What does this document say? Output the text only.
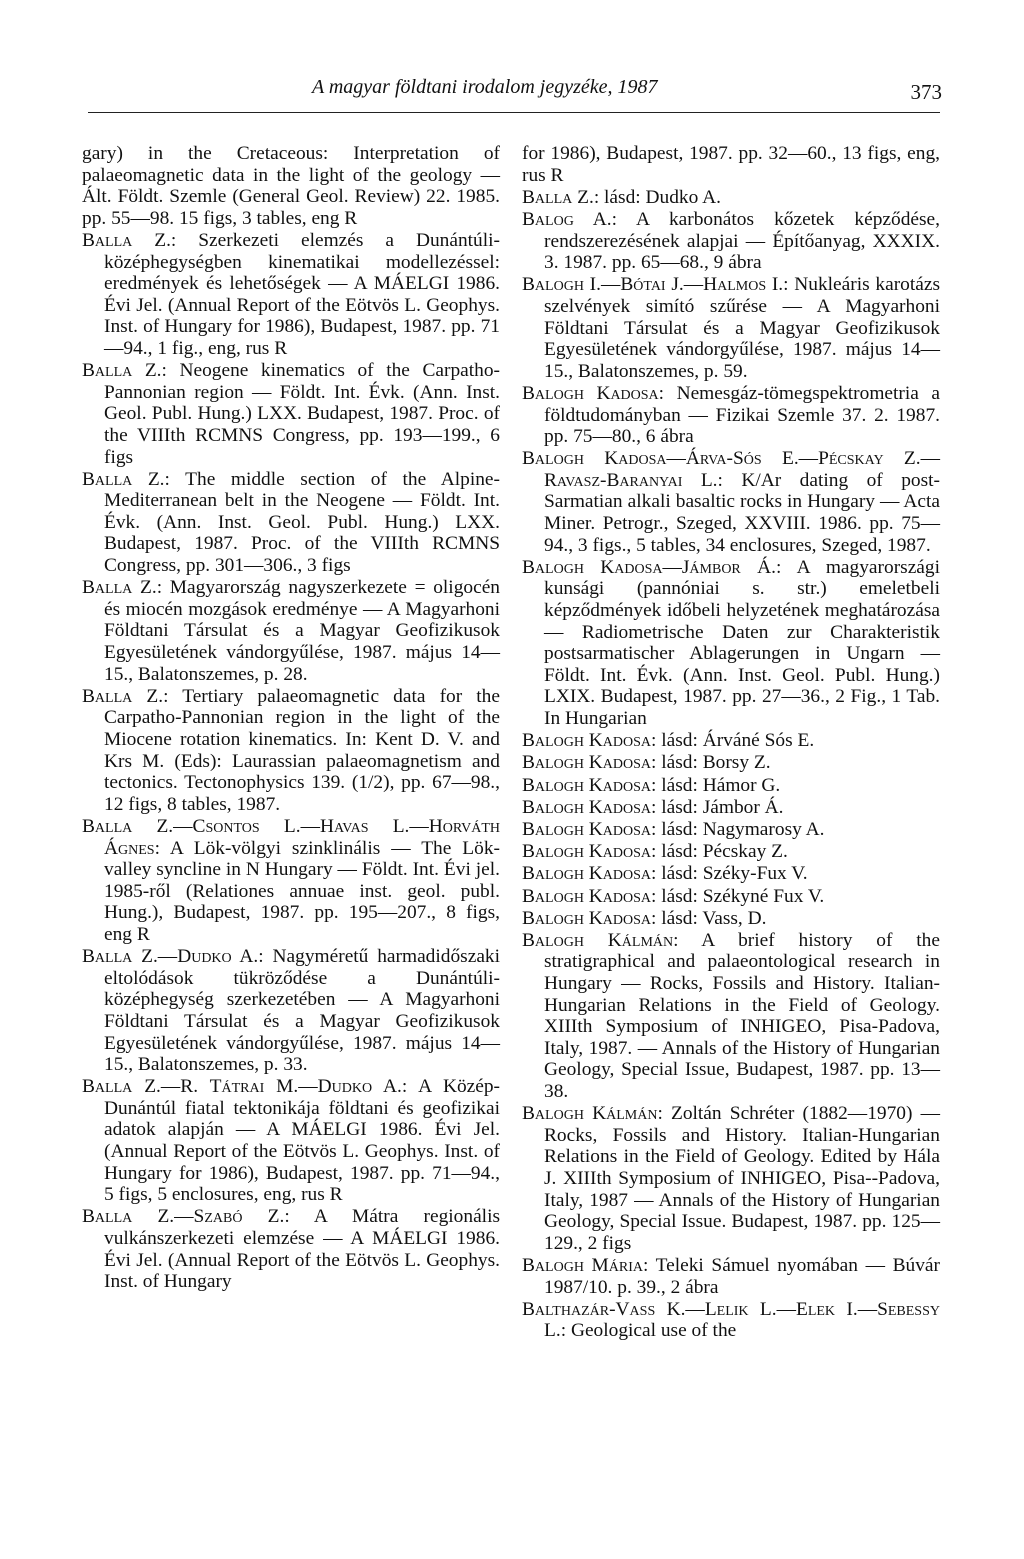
A magyar földtani irodalom jegyzéke, 1987	373

gary) in the Cretaceous: Interpretation of palaeomagnetic data in the light of the geology — Ált. Földt. Szemle (General Geol. Review) 22. 1985. pp. 55—98. 15 figs, 3 tables, eng R

Balla Z.: Szerkezeti elemzés a Dunántúli-középhegységben kinematikai modellezéssel: eredmények és lehetőségek — A MÁELGI 1986. Évi Jel. (Annual Report of the Eötvös L. Geophys. Inst. of Hungary for 1986), Budapest, 1987. pp. 71—94., 1 fig., eng, rus R

Balla Z.: Neogene kinematics of the Carpatho-Pannonian region — Földt. Int. Évk. (Ann. Inst. Geol. Publ. Hung.) LXX. Budapest, 1987. Proc. of the VIIIth RCMNS Congress, pp. 193—199., 6 figs

Balla Z.: The middle section of the Alpine-Mediterranean belt in the Neogene — Földt. Int. Évk. (Ann. Inst. Geol. Publ. Hung.) LXX. Budapest, 1987. Proc. of the VIIIth RCMNS Congress, pp. 301—306., 3 figs

Balla Z.: Magyarország nagyszerkezete = oligocén és miocén mozgások eredménye — A Magyarhoni Földtani Társulat és a Magyar Geofizikusok Egyesületének vándorgyűlése, 1987. május 14—15., Balatonszemes, p. 28.

Balla Z.: Tertiary palaeomagnetic data for the Carpatho-Pannonian region in the light of the Miocene rotation kinematics. In: Kent D. V. and Krs M. (Eds): Laurassian palaeomagnetism and tectonics. Tectonophysics 139. (1/2), pp. 67—98., 12 figs, 8 tables, 1987.

Balla Z.—Csontos L.—Havas L.—Horváth Ágnes: A Lök-völgyi szinklinális — The Lök-valley syncline in N Hungary — Földt. Int. Évi jel. 1985-ről (Relationes annuae inst. geol. publ. Hung.), Budapest, 1987. pp. 195—207., 8 figs, eng R

Balla Z.—Dudko A.: Nagyméretű harmadidőszaki eltolódások tükröződése a Dunántúli-középhegység szerkezetében — A Magyarhoni Földtani Társulat és a Magyar Geofizikusok Egyesületének vándorgyűlése, 1987. május 14—15., Balatonszemes, p. 33.

Balla Z.—R. Tátrai M.—Dudko A.: A Közép-Dunántúl fiatal tektonikája földtani és geofizikai adatok alapján — A MÁELGI 1986. Évi Jel. (Annual Report of the Eötvös L. Geophys. Inst. of Hungary for 1986), Budapest, 1987. pp. 71—94., 5 figs, 5 enclosures, eng, rus R

Balla Z.—Szabó Z.: A Mátra regionális vulkánszerkezeti elemzése — A MÁELGI 1986. Évi Jel. (Annual Report of the Eötvös L. Geophys. Inst. of Hungary

for 1986), Budapest, 1987. pp. 32—60., 13 figs, eng, rus R

Balla Z.: lásd: Dudko A.

Balog A.: A karbonátos kőzetek képződése, rendszerezésének alapjai — Építőanyag, XXXIX. 3. 1987. pp. 65—68., 9 ábra

Balogh I.—Bótai J.—Halmos I.: Nukleáris karotázs szelvények simító szűrése — A Magyarhoni Földtani Társulat és a Magyar Geofizikusok Egyesületének vándorgyűlése, 1987. május 14—15., Balatonszemes, p. 59.

Balogh Kadosa: Nemesgáz-tömegspektrometria a földtudományban — Fizikai Szemle 37. 2. 1987. pp. 75—80., 6 ábra

Balogh Kadosa—Árva-Sós E.—Pécskay Z.—Ravasz-Baranyai L.: K/Ar dating of post-Sarmatian alkali basaltic rocks in Hungary — Acta Miner. Petrogr., Szeged, XXVIII. 1986. pp. 75—94., 3 figs., 5 tables, 34 enclosures, Szeged, 1987.

Balogh Kadosa—Jámbor Á.: A magyarországi kunsági (pannóniai s. str.) emeletbeli képződmények időbeli helyzetének meghatározása — Radiometrische Daten zur Charakteristik postsarmatischer Ablagerungen in Ungarn — Földt. Int. Évk. (Ann. Inst. Geol. Publ. Hung.) LXIX. Budapest, 1987. pp. 27—36., 2 Fig., 1 Tab. In Hungarian

Balogh Kadosa: lásd: Árváné Sós E.

Balogh Kadosa: lásd: Borsy Z.

Balogh Kadosa: lásd: Hámor G.

Balogh Kadosa: lásd: Jámbor Á.

Balogh Kadosa: lásd: Nagymarosy A.

Balogh Kadosa: lásd: Pécskay Z.

Balogh Kadosa: lásd: Széky-Fux V.

Balogh Kadosa: lásd: Székyné Fux V.

Balogh Kadosa: lásd: Vass, D.

Balogh Kálmán: A brief history of the stratigraphical and palaeontological research in Hungary — Rocks, Fossils and History. Italian-Hungarian Relations in the Field of Geology. XIIIth Symposium of INHIGEO, Pisa-Padova, Italy, 1987. — Annals of the History of Hungarian Geology, Special Issue, Budapest, 1987. pp. 13—38.

Balogh Kálmán: Zoltán Schréter (1882—1970) — Rocks, Fossils and History. Italian-Hungarian Relations in the Field of Geology. Edited by Hála J. XIIIth Symposium of INHIGEO, Pisa--Padova, Italy, 1987 — Annals of the History of Hungarian Geology, Special Issue. Budapest, 1987. pp. 125—129., 2 figs

Balogh Mária: Teleki Sámuel nyomában — Búvár 1987/10. p. 39., 2 ábra

Balthazár-Vass K.—Lelik L.—Elek I.—Sebessy L.: Geological use of the
